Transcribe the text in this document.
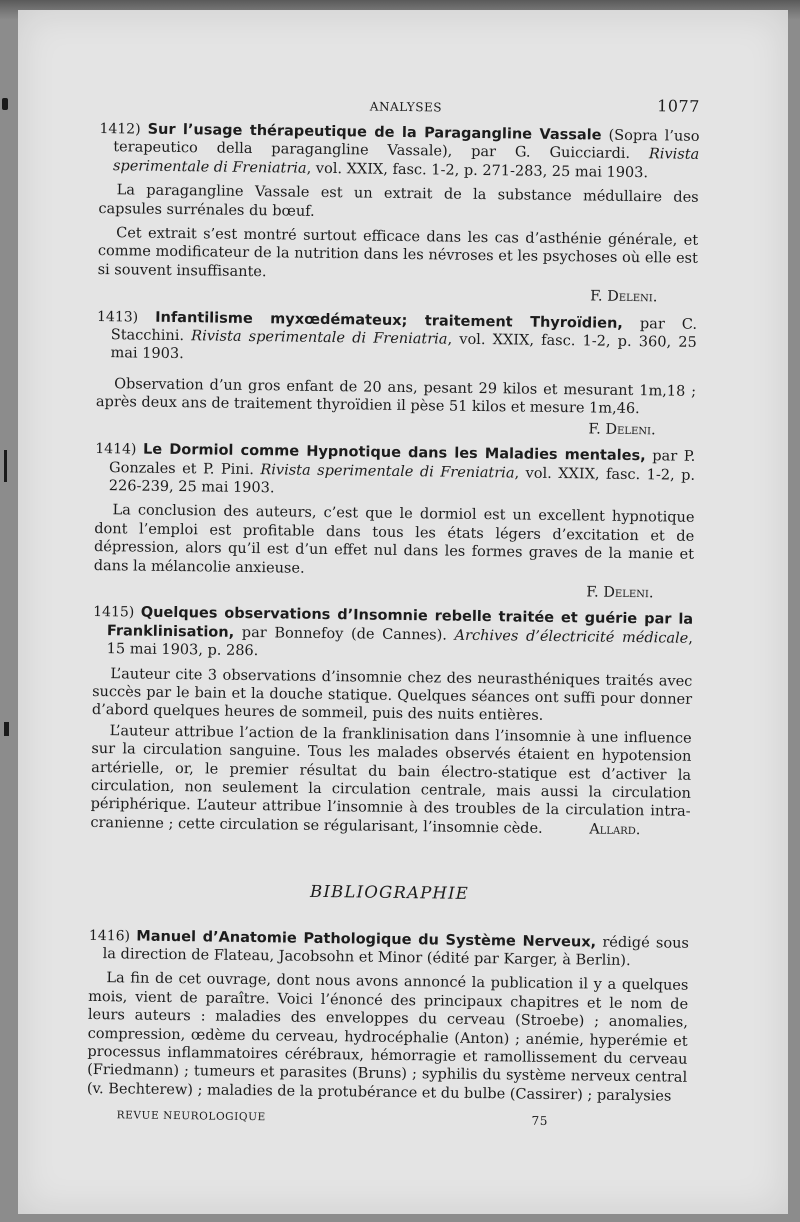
ANALYSES	1077

1412) Sur l’usage thérapeutique de la Paragangline Vassale (Sopra l’uso terapeutico della paragangline Vassale), par G. Guicciardi. Rivista sperimentale di Freniatria, vol. XXIX, fasc. 1-2, p. 271-283, 25 mai 1903.

La paragangline Vassale est un extrait de la substance médullaire des capsules surrénales du bœuf.

Cet extrait s’est montré surtout efficace dans les cas d’asthénie générale, et comme modificateur de la nutrition dans les névroses et les psychoses où elle est si souvent insuffisante.

F. Deleni.

1413) Infantilisme myxœdémateux; traitement Thyroïdien, par C. Stacchini. Rivista sperimentale di Freniatria, vol. XXIX, fasc. 1-2, p. 360, 25 mai 1903.

Observation d’un gros enfant de 20 ans, pesant 29 kilos et mesurant 1m,18 ; après deux ans de traitement thyroïdien il pèse 51 kilos et mesure 1m,46.

F. Deleni.

1414) Le Dormiol comme Hypnotique dans les Maladies mentales, par P. Gonzales et P. Pini. Rivista sperimentale di Freniatria, vol. XXIX, fasc. 1-2, p. 226-239, 25 mai 1903.

La conclusion des auteurs, c’est que le dormiol est un excellent hypnotique dont l’emploi est profitable dans tous les états légers d’excitation et de dépression, alors qu’il est d’un effet nul dans les formes graves de la manie et dans la mélancolie anxieuse.

F. Deleni.

1415) Quelques observations d’Insomnie rebelle traitée et guérie par la Franklinisation, par Bonnefoy (de Cannes). Archives d’électricité médicale, 15 mai 1903, p. 286.

L’auteur cite 3 observations d’insomnie chez des neurasthéniques traités avec succès par le bain et la douche statique. Quelques séances ont suffi pour donner d’abord quelques heures de sommeil, puis des nuits entières.

L’auteur attribue l’action de la franklinisation dans l’insomnie à une influence sur la circulation sanguine. Tous les malades observés étaient en hypotension artérielle, or, le premier résultat du bain électro-statique est d’activer la circulation, non seulement la circulation centrale, mais aussi la circulation périphérique. L’auteur attribue l’insomnie à des troubles de la circulation intra-cranienne ; cette circulation se régularisant, l’insomnie cède.	Allard.

BIBLIOGRAPHIE

1416) Manuel d’Anatomie Pathologique du Système Nerveux, rédigé sous la direction de Flateau, Jacobsohn et Minor (édité par Karger, à Berlin).

La fin de cet ouvrage, dont nous avons annoncé la publication il y a quelques mois, vient de paraître. Voici l’énoncé des principaux chapitres et le nom de leurs auteurs : maladies des enveloppes du cerveau (Stroebe) ; anomalies, compression, œdème du cerveau, hydrocéphalie (Anton) ; anémie, hyperémie et processus inflammatoires cérébraux, hémorragie et ramollissement du cerveau (Friedmann) ; tumeurs et parasites (Bruns) ; syphilis du système nerveux central (v. Bechterew) ; maladies de la protubérance et du bulbe (Cassirer) ; paralysies

REVUE NEUROLOGIQUE	75
